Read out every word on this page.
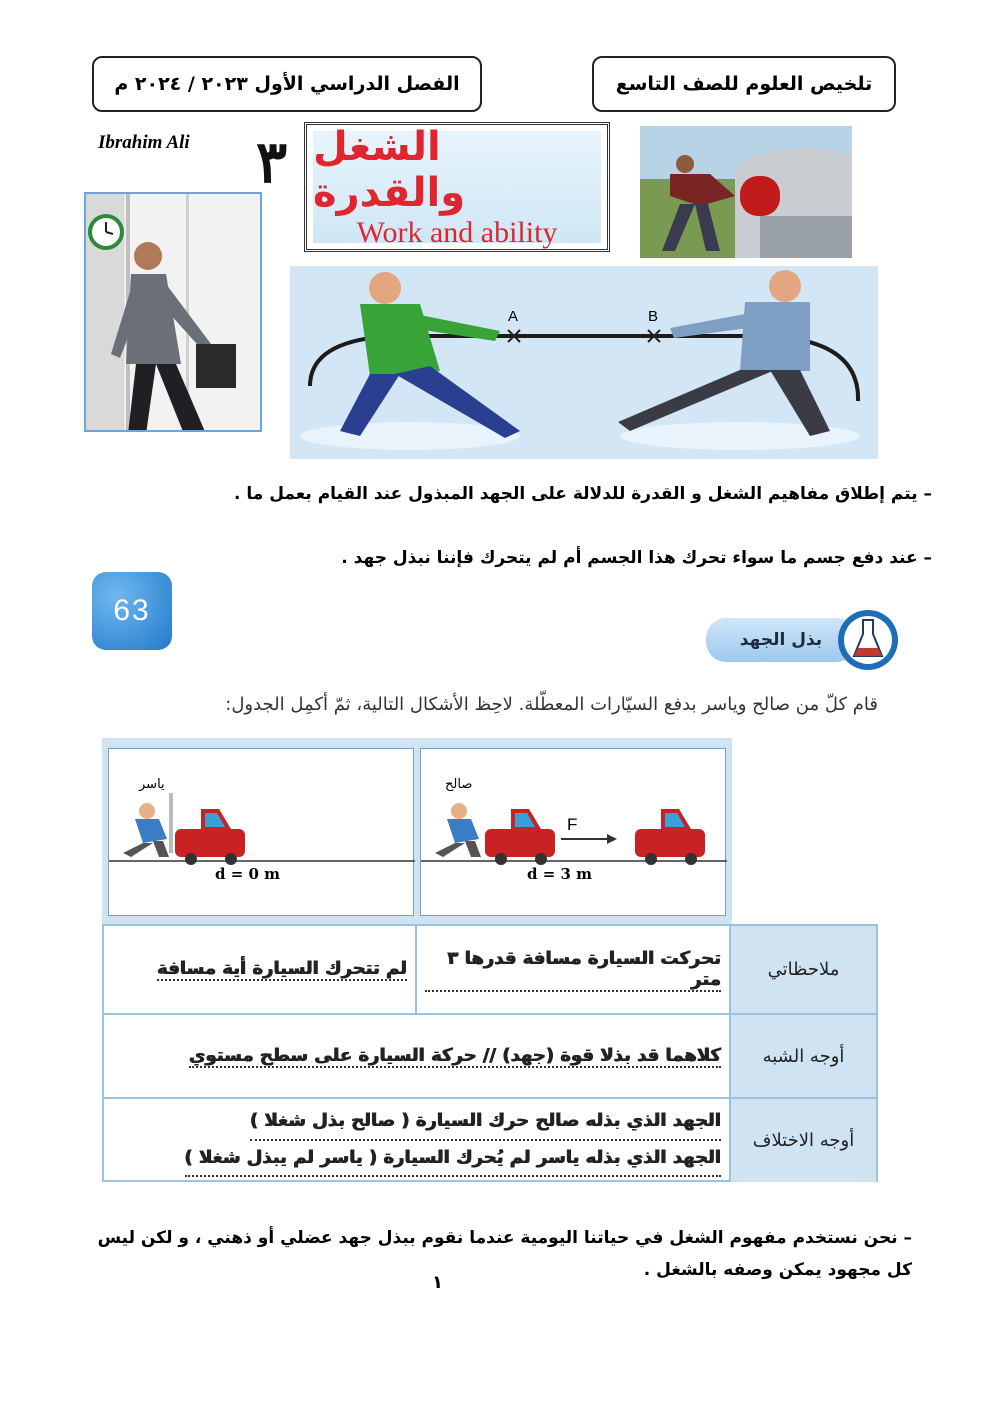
الفصل الدراسي الأول ٢٠٢٣ / ٢٠٢٤ م	تلخيص العلوم للصف التاسع
Ibrahim Ali ٣ الشغل والقدرة
Work and ability
A	B
– يتم إطلاق مفاهيم الشغل و القدرة للدلالة على الجهد المبذول عند القيام بعمل ما .
– عند دفع جسم ما سواء تحرك هذا الجسم أم لم يتحرك فإننا نبذل جهد .
63
بذل الجهد
قام كلّ من صالح وياسر بدفع السيّارات المعطّلة. لاحِظ الأشكال التالية، ثمّ أكمِل الجدول:
ياسر
d = 0 m
صالح
F
d = 3 m
ملاحظاتي	تحركت السيارة مسافة قدرها ٣ متر	لم تتحرك السيارة أية مسافة
أوجه الشبه	كلاهما قد بذلا قوة (جهد) // حركة السيارة على سطح مستوي	
أوجه الاختلاف	الجهد الذي بذله صالح حرك السيارة ( صالح بذل شغلا )
الجهد الذي بذله ياسر لم يُحرك السيارة ( ياسر لم يبذل شغلا )	
– نحن نستخدم مفهوم الشغل في حياتنا اليومية عندما نقوم ببذل جهد عضلي أو ذهني ، و لكن ليس كل مجهود يمكن وصفه بالشغل .
١
